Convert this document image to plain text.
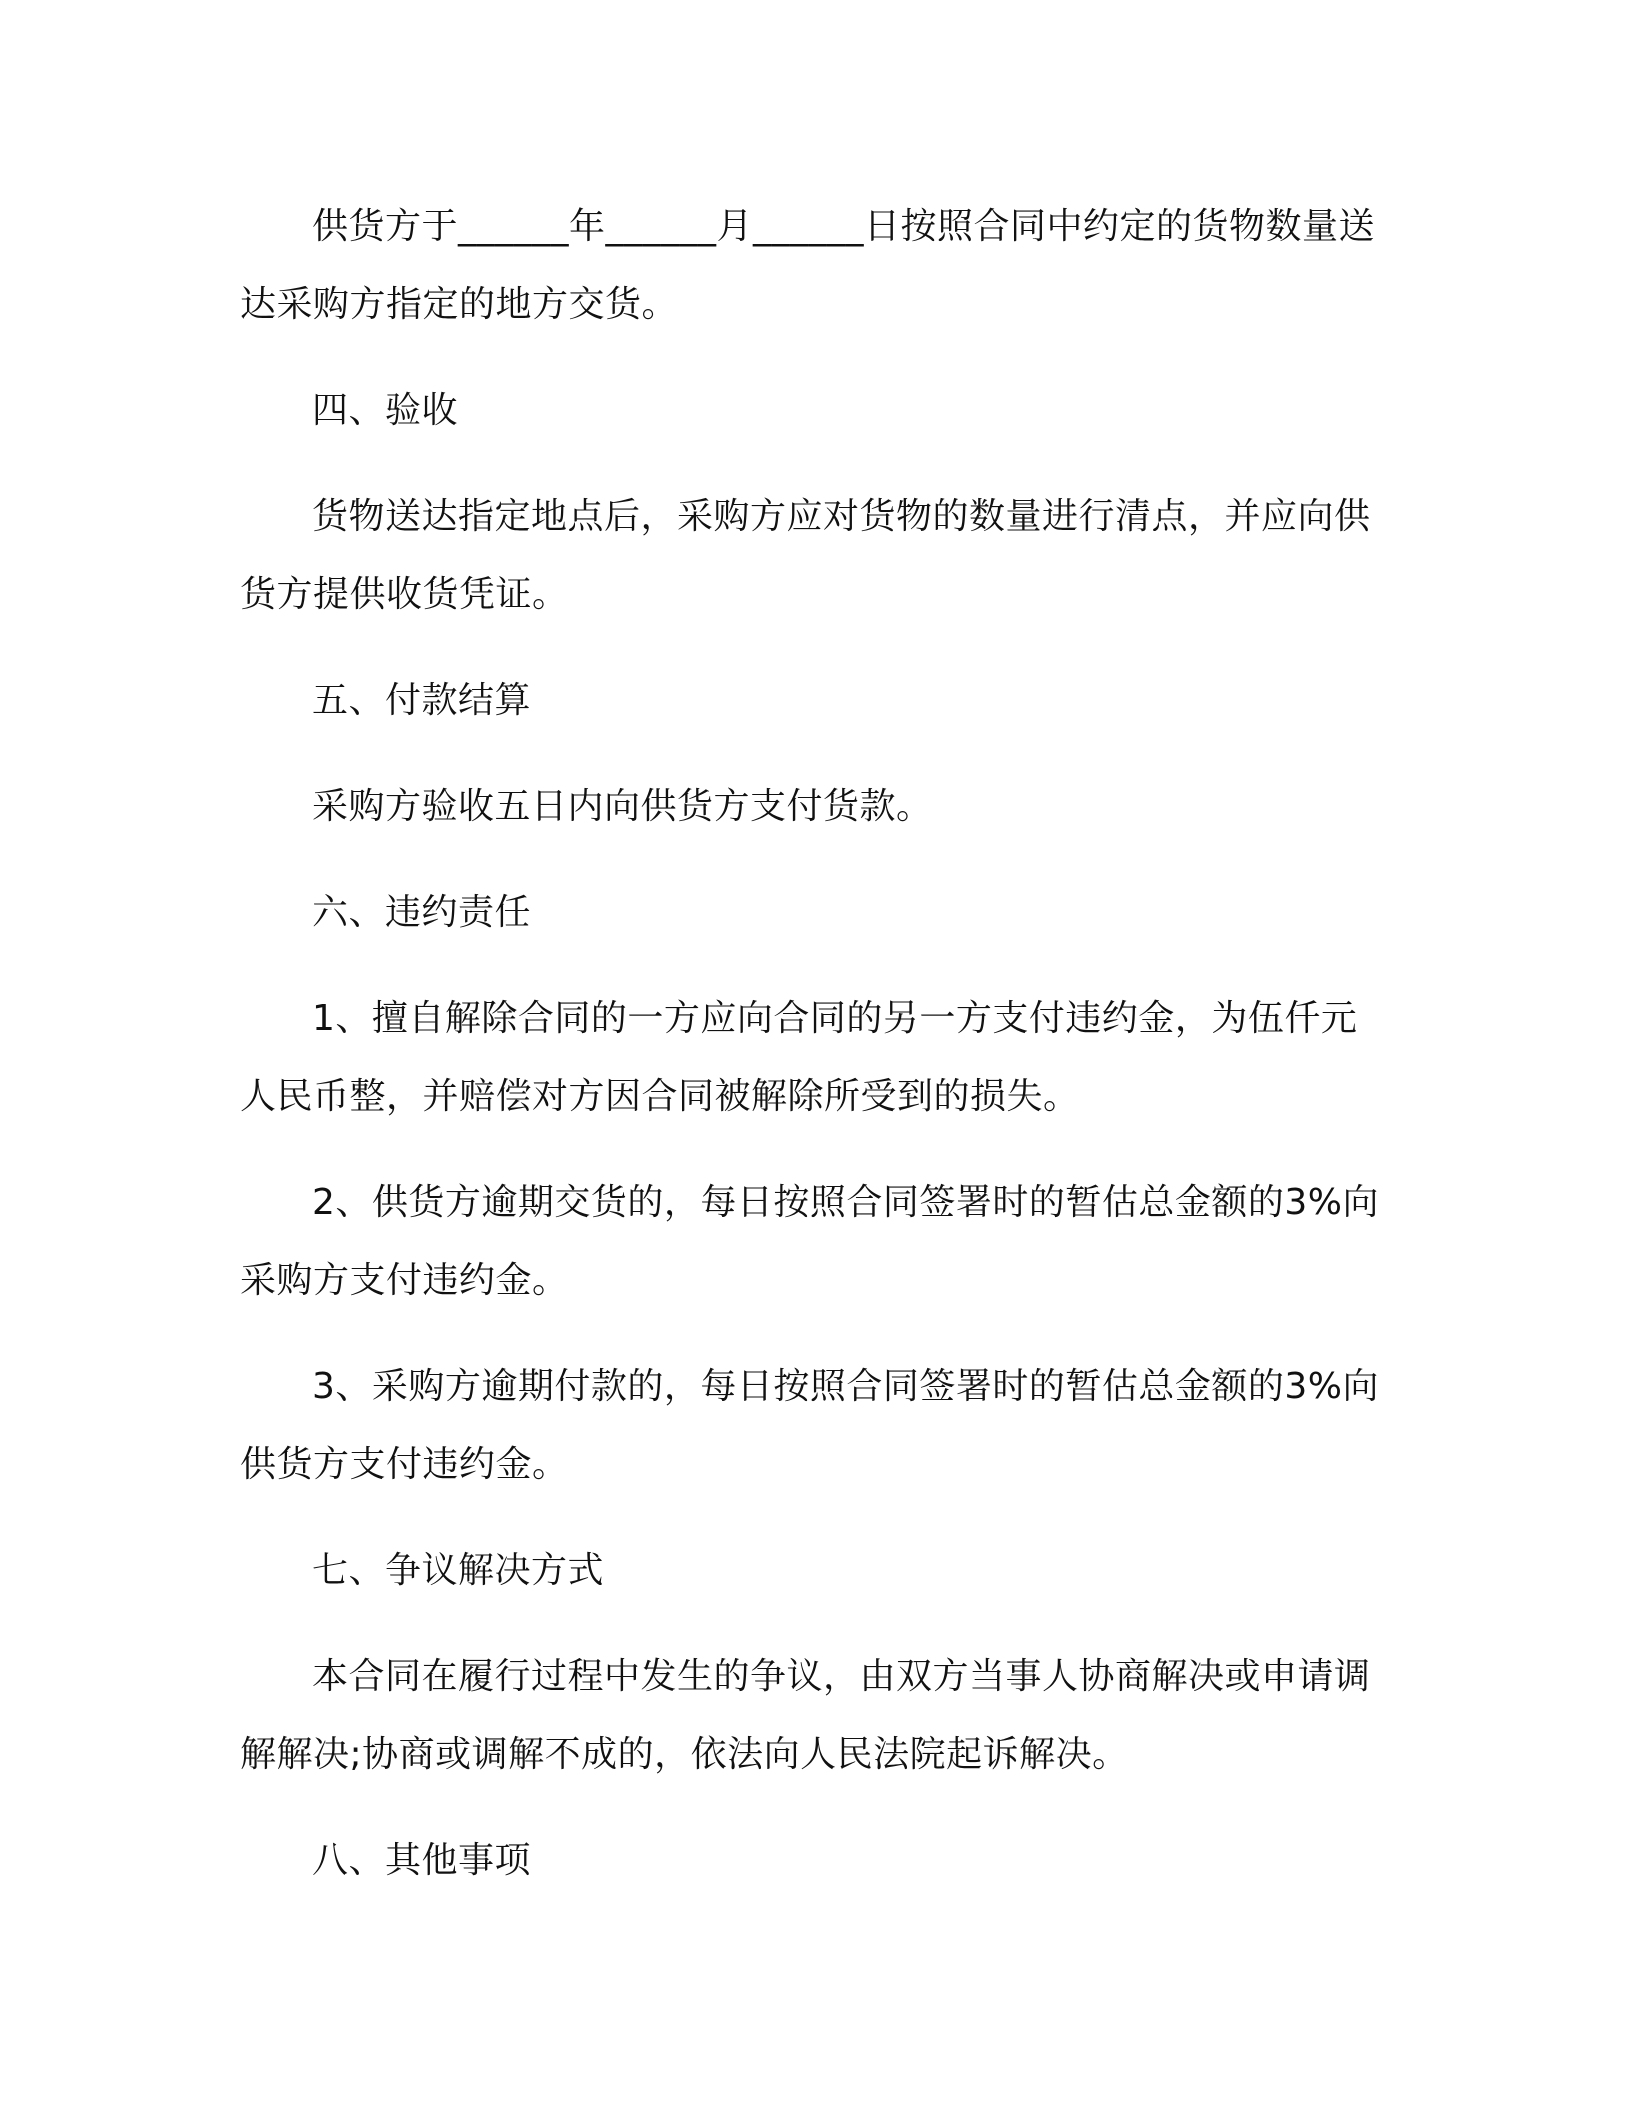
供货方于______年______月______日按照合同中约定的货物数量送达采购方指定的地方交货。

四、验收

货物送达指定地点后，采购方应对货物的数量进行清点，并应向供货方提供收货凭证。

五、付款结算

采购方验收五日内向供货方支付货款。

六、违约责任

1、擅自解除合同的一方应向合同的另一方支付违约金，为伍仟元人民币整，并赔偿对方因合同被解除所受到的损失。

2、供货方逾期交货的，每日按照合同签署时的暂估总金额的3%向采购方支付违约金。

3、采购方逾期付款的，每日按照合同签署时的暂估总金额的3%向供货方支付违约金。

七、争议解决方式

本合同在履行过程中发生的争议，由双方当事人协商解决或申请调解解决;协商或调解不成的，依法向人民法院起诉解决。

八、其他事项
